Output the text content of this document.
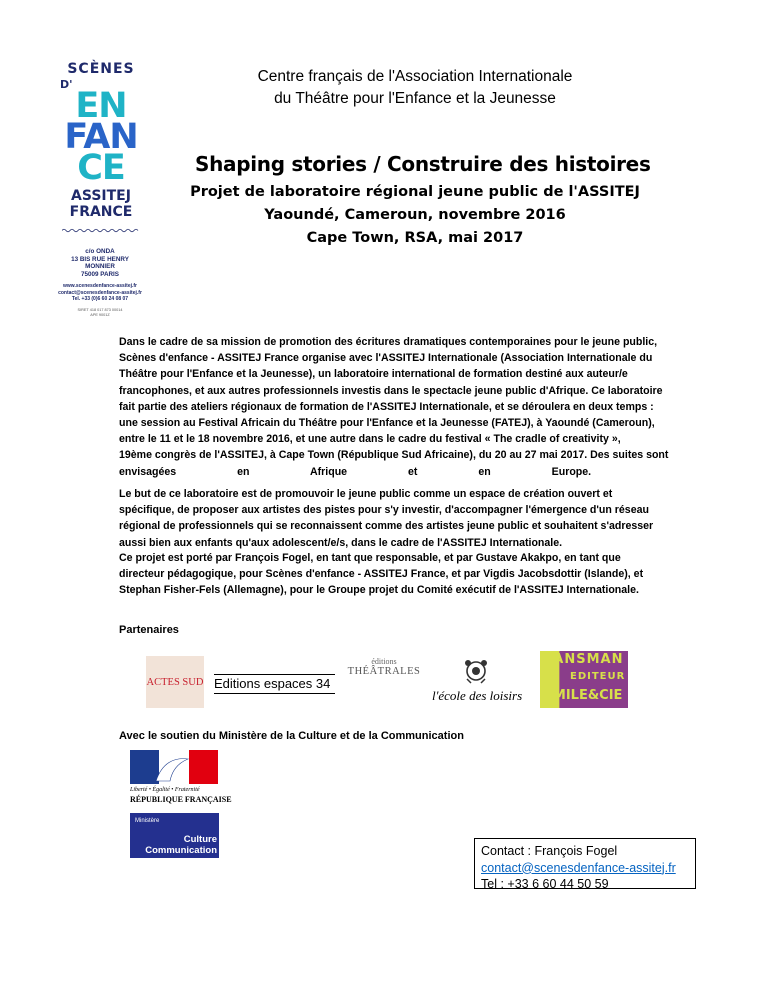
SCÈNES
D'
EN
FAN
CE
ASSITEJ
FRANCE
c/o ONDA
13 BIS RUE HENRY
MONNIER
75009 PARIS
www.scenesdenfance-assitej.fr
contact@scenesdenfance-assitej.fr
Tel. +33 (0)6 60 24 08 07
SIRET 418 017 873 00014
APE 9001Z
Centre français de l'Association Internationale
du Théâtre pour l'Enfance et la Jeunesse
Shaping stories / Construire des histoires
Projet de laboratoire régional jeune public de l'ASSITEJ
Yaoundé, Cameroun, novembre 2016
Cape Town, RSA, mai 2017
Dans le cadre de sa mission de promotion des écritures dramatiques contemporaines pour le jeune public,
Scènes d'enfance - ASSITEJ France organise avec l'ASSITEJ Internationale (Association Internationale du
Théâtre pour l'Enfance et la Jeunesse), un laboratoire international de formation destiné aux auteur/e
francophones, et aux autres professionnels investis dans le spectacle jeune public d'Afrique. Ce laboratoire
fait partie des ateliers régionaux de formation de l'ASSITEJ Internationale, et se déroulera en deux temps :
une session au Festival Africain du Théâtre pour l'Enfance et la Jeunesse (FATEJ), à Yaoundé (Cameroun),
entre le 11 et le 18 novembre 2016, et une autre dans le cadre du festival « The cradle of creativity »,
19ème congrès de l'ASSITEJ, à Cape Town (République Sud Africaine), du 20 au 27 mai 2017. Des suites sont
envisagées en Afrique et en Europe.
Le but de ce laboratoire est de promouvoir le jeune public comme un espace de création ouvert et
spécifique, de proposer aux artistes des pistes pour s'y investir, d'accompagner l'émergence d'un réseau
régional de professionnels qui se reconnaissent comme des artistes jeune public et souhaitent s'adresser
aussi bien aux enfants qu'aux adolescent/e/s, dans le cadre de l'ASSITEJ Internationale.
Ce projet est porté par François Fogel, en tant que responsable, et par Gustave Akakpo, en tant que
directeur pédagogique, pour Scènes d'enfance - ASSITEJ France, et par Vigdis Jacobsdottir (Islande), et
Stephan Fisher-Fels (Allemagne), pour le Groupe projet du Comité exécutif de l'ASSITEJ Internationale.
Partenaires
ACTES SUD Editions espaces 34
éditions
THÉÂTRALES
l'école des loisirs
LANSMAN
EDITEUR
EMILE&CIE
Avec le soutien du Ministère de la Culture et de la Communication
Liberté • Égalité • Fraternité
RÉPUBLIQUE FRANÇAISE
Ministère
Culture
Communication	Contact : François Fogel
contact@scenesdenfance-assitej.fr
Tel : +33 6 60 44 50 59
